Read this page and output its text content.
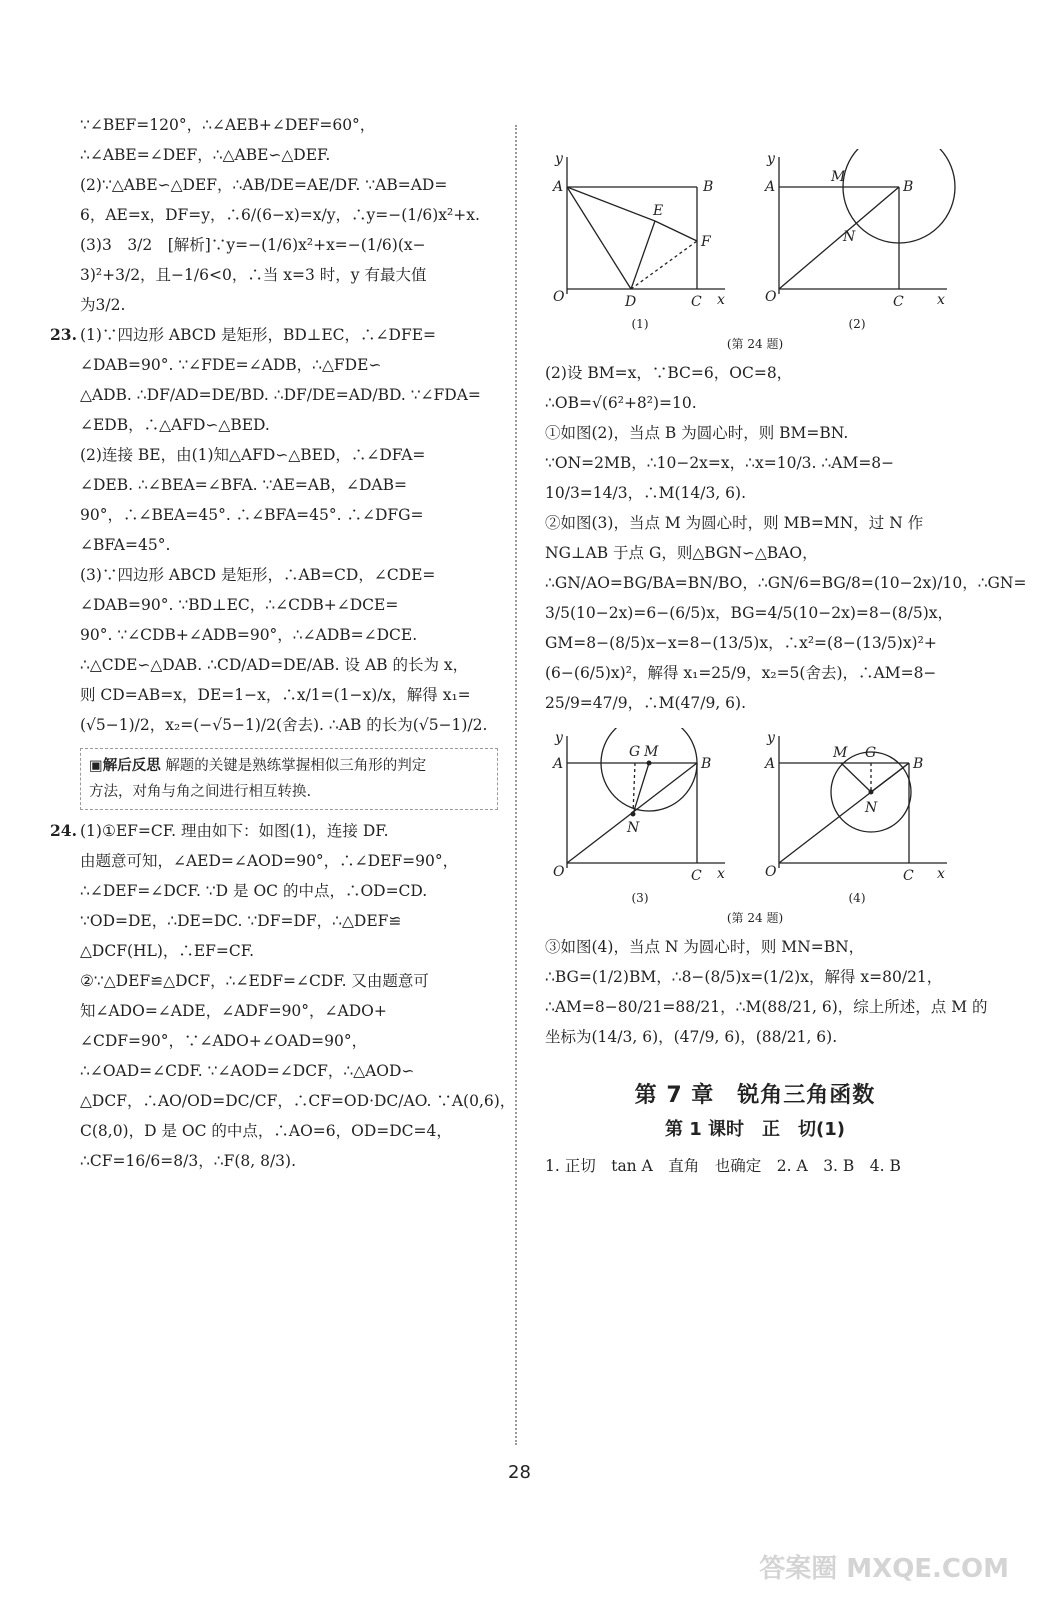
∵∠BEF=120°，∴∠AEB+∠DEF=60°，
∴∠ABE=∠DEF，∴△ABE∽△DEF.
(2)∵△ABE∽△DEF，∴AB/DE=AE/DF. ∵AB=AD=
6，AE=x，DF=y，∴6/(6−x)=x/y，∴y=−(1/6)x²+x.
(3)3　3/2　[解析]∵y=−(1/6)x²+x=−(1/6)(x−
3)²+3/2，且−1/6<0，∴当 x=3 时，y 有最大值
为3/2.
23. (1)∵四边形 ABCD 是矩形，BD⊥EC，∴∠DFE=
∠DAB=90°. ∵∠FDE=∠ADB，∴△FDE∽
△ADB. ∴DF/AD=DE/BD. ∴DF/DE=AD/BD. ∵∠FDA=
∠EDB，∴△AFD∽△BED.
(2)连接 BE，由(1)知△AFD∽△BED，∴∠DFA=
∠DEB. ∴∠BEA=∠BFA. ∵AE=AB，∠DAB=
90°，∴∠BEA=45°. ∴∠BFA=45°. ∴∠DFG=
∠BFA=45°.
(3)∵四边形 ABCD 是矩形，∴AB=CD，∠CDE=
∠DAB=90°. ∵BD⊥EC，∴∠CDB+∠DCE=
90°. ∵∠CDB+∠ADB=90°，∴∠ADB=∠DCE.
∴△CDE∽△DAB. ∴CD/AD=DE/AB. 设 AB 的长为 x，
则 CD=AB=x，DE=1−x，∴x/1=(1−x)/x，解得 x₁=
(√5−1)/2，x₂=(−√5−1)/2(舍去). ∴AB 的长为(√5−1)/2.
▣解后反思 解题的关键是熟练掌握相似三角形的判定
方法，对角与角之间进行相互转换.
24. (1)①EF=CF. 理由如下：如图(1)，连接 DF.
由题意可知，∠AED=∠AOD=90°，∴∠DEF=90°，
∴∠DEF=∠DCF. ∵D 是 OC 的中点，∴OD=CD.
∵OD=DE，∴DE=DC. ∵DF=DF，∴△DEF≌
△DCF(HL)，∴EF=CF.
②∵△DEF≌△DCF，∴∠EDF=∠CDF. 又由题意可
知∠ADO=∠ADE，∠ADF=90°，∠ADO+
∠CDF=90°，∵∠ADO+∠OAD=90°，
∴∠OAD=∠CDF. ∵∠AOD=∠DCF，∴△AOD∽
△DCF，∴AO/OD=DC/CF，∴CF=OD·DC/AO. ∵A(0,6)，
C(8,0)，D 是 OC 的中点，∴AO=6，OD=DC=4，
∴CF=16/6=8/3，∴F(8, 8/3).
A	B
O	D	C
E
F
x
y
(1)
A
M
B
N
O	C x
y
(2)
(第 24 题)
(2)设 BM=x，∵BC=6，OC=8，
∴OB=√(6²+8²)=10.
①如图(2)，当点 B 为圆心时，则 BM=BN.
∵ON=2MB，∴10−2x=x，∴x=10/3. ∴AM=8−
10/3=14/3，∴M(14/3, 6).
②如图(3)，当点 M 为圆心时，则 MB=MN，过 N 作
NG⊥AB 于点 G，则△BGN∽△BAO，
∴GN/AO=BG/BA=BN/BO，∴GN/6=BG/8=(10−2x)/10，∴GN=
3/5(10−2x)=6−(6/5)x，BG=4/5(10−2x)=8−(8/5)x，
GM=8−(8/5)x−x=8−(13/5)x，∴x²=(8−(13/5)x)²+
(6−(6/5)x)²，解得 x₁=25/9，x₂=5(舍去)，∴AM=8−
25/9=47/9，∴M(47/9, 6).
A
G M
B
N
O	C x
y
(3)
A
M G
B
N
O	C x
y
(4)
(第 24 题)
③如图(4)，当点 N 为圆心时，则 MN=BN，
∴BG=(1/2)BM，∴8−(8/5)x=(1/2)x，解得 x=80/21，
∴AM=8−80/21=88/21，∴M(88/21, 6)，综上所述，点 M 的
坐标为(14/3, 6)，(47/9, 6)，(88/21, 6).
第 7 章　锐角三角函数
第 1 课时　正　切(1)
1. 正切　tan A　直角　也确定　2. A　3. B　4. B
28
答案圈 MXQE.COM
